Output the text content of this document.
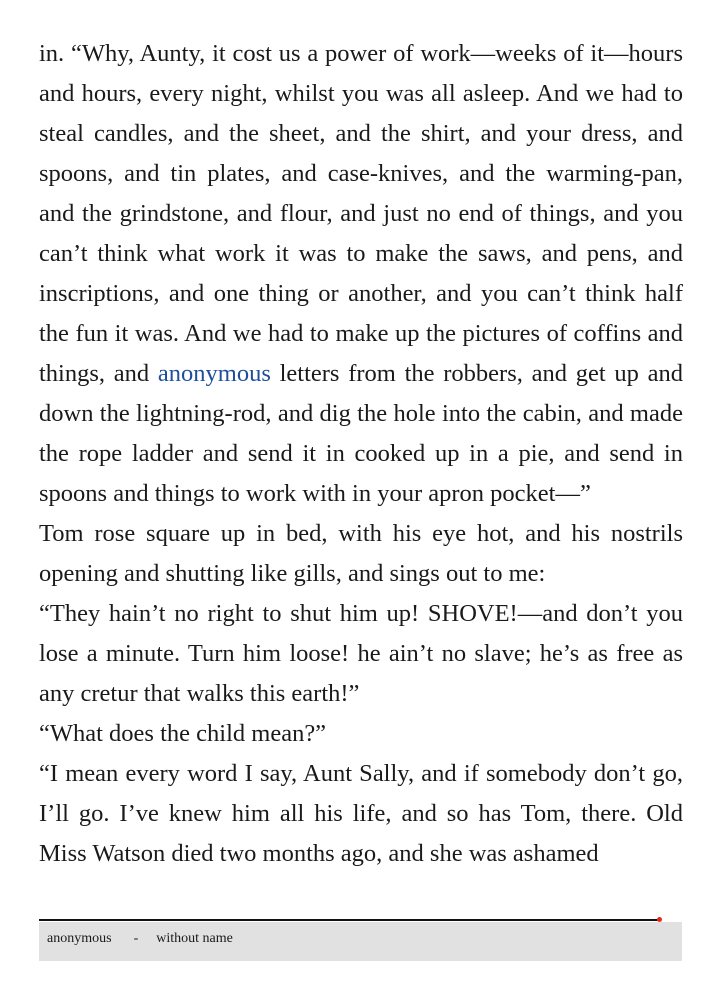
in. “Why, Aunty, it cost us a power of work—weeks of it—hours and hours, every night, whilst you was all asleep. And we had to steal candles, and the sheet, and the shirt, and your dress, and spoons, and tin plates, and case-knives, and the warming-pan, and the grindstone, and flour, and just no end of things, and you can’t think what work it was to make the saws, and pens, and inscriptions, and one thing or another, and you can’t think half the fun it was. And we had to make up the pictures of coffins and things, and anonymous letters from the robbers, and get up and down the lightning-rod, and dig the hole into the cabin, and made the rope ladder and send it in cooked up in a pie, and send in spoons and things to work with in your apron pocket—”

Tom rose square up in bed, with his eye hot, and his nostrils opening and shutting like gills, and sings out to me:

“They hain’t no right to shut him up! SHOVE!—and don’t you lose a minute. Turn him loose! he ain’t no slave; he’s as free as any cretur that walks this earth!”

“What does the child mean?”

“I mean every word I say, Aunt Sally, and if somebody don’t go, I’ll go. I’ve knew him all his life, and so has Tom, there. Old Miss Watson died two months ago, and she was ashamed

anonymous - without name
